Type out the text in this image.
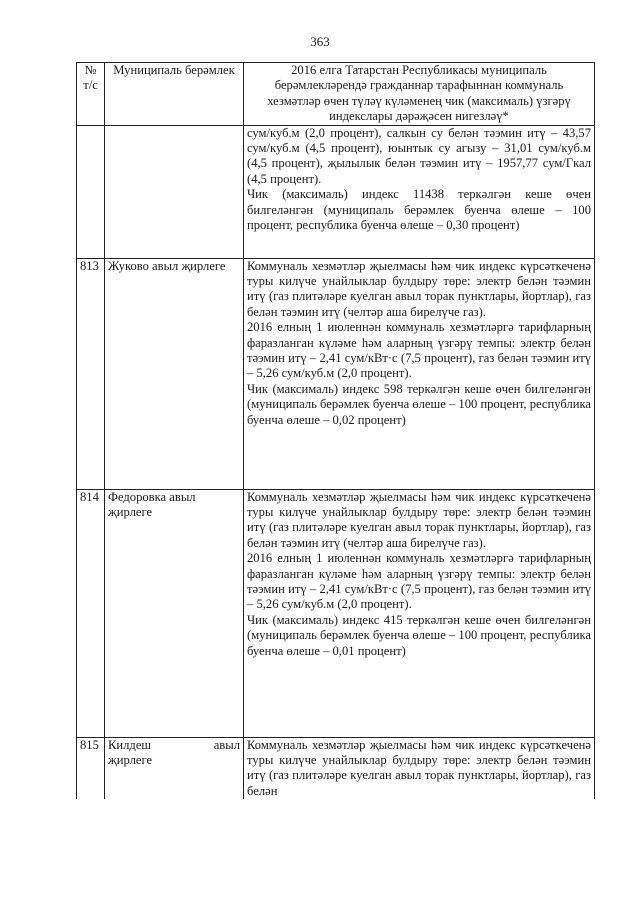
363
№ т/с	Муниципаль берәмлек	2016 елга Татарстан Республикасы муниципаль берәмлекләрендә гражданнар тарафыннан коммуналь хезмәтләр өчен түләү күләменең чик (максималь) үзгәрү индекслары дәрәҗәсен нигезләү*

		сум/куб.м (2,0 процент), салкын су белән тәэмин итү – 43,57 сум/куб.м (4,5 процент), юынтык су агызу – 31,01 сум/куб.м (4,5 процент), җылылык белән тәэмин итү – 1957,77 сум/Гкал (4,5 процент).

Чик (максималь) индекс 11438 теркәлгән кеше өчен билгеләнгән (муниципаль берәмлек буенча өлеше – 100 процент, республика буенча өлеше – 0,30 процент)

813	Жуково авыл җирлеге	Коммуналь хезмәтләр җыелмасы һәм чик индекс күрсәткеченә туры килүче унайлыклар булдыру төре: электр белән тәэмин итү (газ плитәләре куелган авыл торак пунктлары, йортлар), газ белән тәэмин итү (челтәр аша бирелүче газ).

2016 елның 1 июленнән коммуналь хезмәтләргә тарифларның фаразланган күләме һәм аларның үзгәрү темпы: электр белән тәэмин итү – 2,41 сум/кВт·с (7,5 процент), газ белән тәэмин итү – 5,26 сум/куб.м (2,0 процент).

Чик (максималь) индекс 598 теркәлгән кеше өчен билгеләнгән (муниципаль берәмлек буенча өлеше – 100 процент, республика буенча өлеше – 0,02 процент)

814	Федоровка авыл җирлеге	Коммуналь хезмәтләр җыелмасы һәм чик индекс күрсәткеченә туры килүче унайлыклар булдыру төре: электр белән тәэмин итү (газ плитәләре куелган авыл торак пунктлары, йортлар), газ белән тәэмин итү (челтәр аша бирелүче газ).

2016 елның 1 июленнән коммуналь хезмәтләргә тарифларның фаразланган күләме һәм аларның үзгәрү темпы: электр белән тәэмин итү – 2,41 сум/кВт·с (7,5 процент), газ белән тәэмин итү – 5,26 сум/куб.м (2,0 процент).

Чик (максималь) индекс 415 теркәлгән кеше өчен билгеләнгән (муниципаль берәмлек буенча өлеше – 100 процент, республика буенча өлеше – 0,01 процент)

815	Килдеш авыл
җирлеге	Коммуналь хезмәтләр җыелмасы һәм чик индекс күрсәткеченә туры килүче унайлыклар булдыру төре: электр белән тәэмин итү (газ плитәләре куелган авыл торак пунктлары, йортлар), газ белән
